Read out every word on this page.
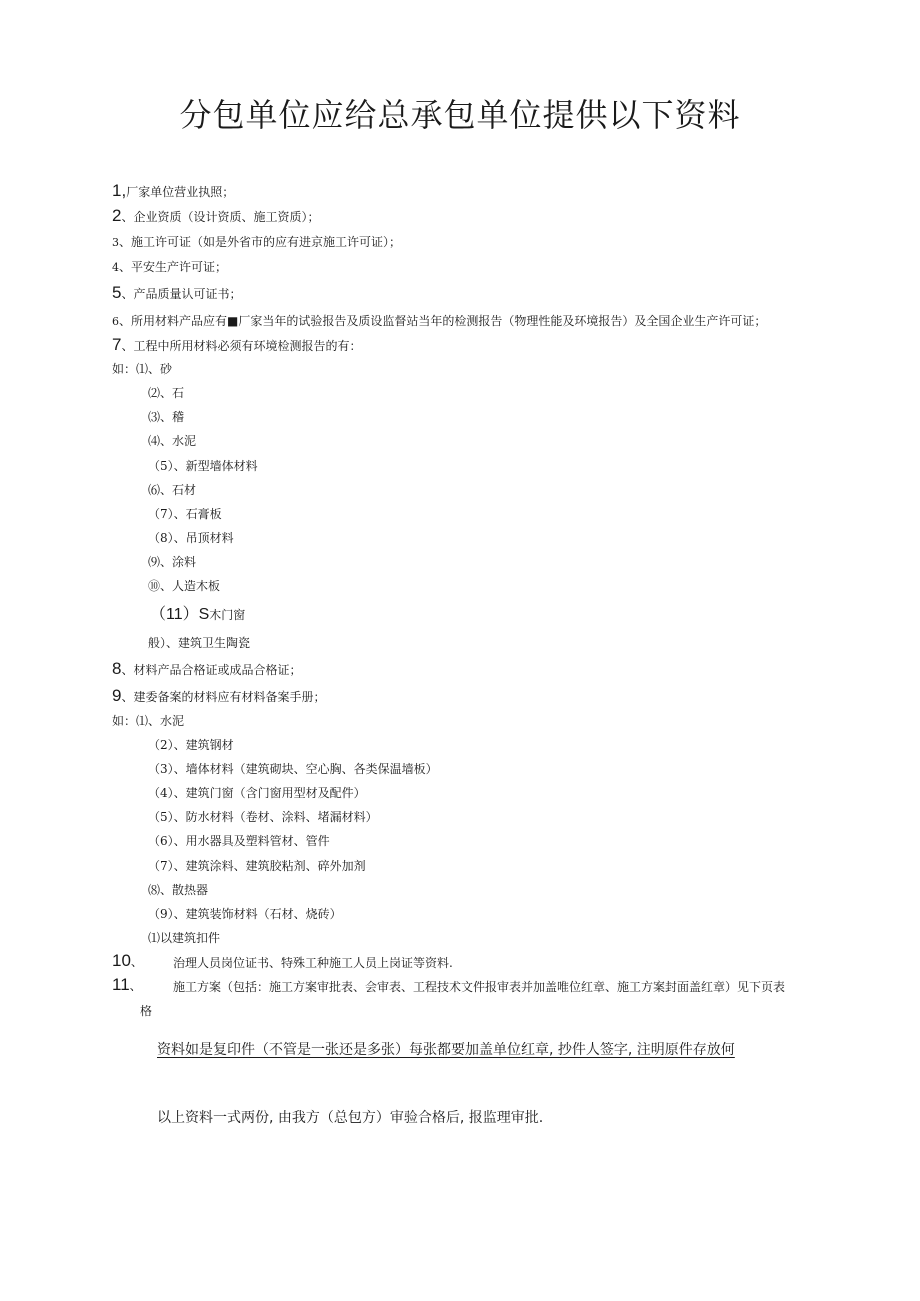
分包单位应给总承包单位提供以下资料
1,厂家单位营业执照；
2、企业资质（设计资质、施工资质）；
3、施工许可证（如是外省市的应有进京施工许可证）；
4、平安生产许可证；
5、产品质量认可证书；
6、所用材料产品应有■厂家当年的试验报告及质设监督站当年的检测报告（物理性能及环境报告）及全国企业生产许可证；
7、工程中所用材料必须有环境检测报告的有：
如：⑴、砂
⑵、石
⑶、稽
⑷、水泥
（5）、新型墙体材料
⑹、石材
（7）、石膏板
（8）、吊顶材料
⑼、涂料
⑩、人造木板
（11）S木门窗
般）、建筑卫生陶瓷
8、材料产品合格证或成品合格证；
9、建委备案的材料应有材料备案手册；
如：⑴、水泥
（2）、建筑钢材
（3）、墙体材料（建筑砌块、空心胸、各类保温墙板）
（4）、建筑门窗（含门窗用型材及配件）
（5）、防水材料（卷材、涂料、堵漏材料）
（6）、用水器具及塑料管材、管件
（7）、建筑涂料、建筑胶粘剂、碎外加剂
⑻、散热器
（9）、建筑装饰材料（石材、烧砖）
⑴以建筑扣件
10、	治理人员岗位证书、特殊工种施工人员上岗证等资料.
11、	施工方案（包括：施工方案审批表、会审表、工程技术文件报审表并加盖唯位红章、施工方案封面盖红章）见下页表
格
资料如是复印件（不管是一张还是多张）每张都要加盖单位红章, 抄件人签字, 注明原件存放何
以上资料一式两份, 由我方（总包方）审验合格后, 报监理审批.
